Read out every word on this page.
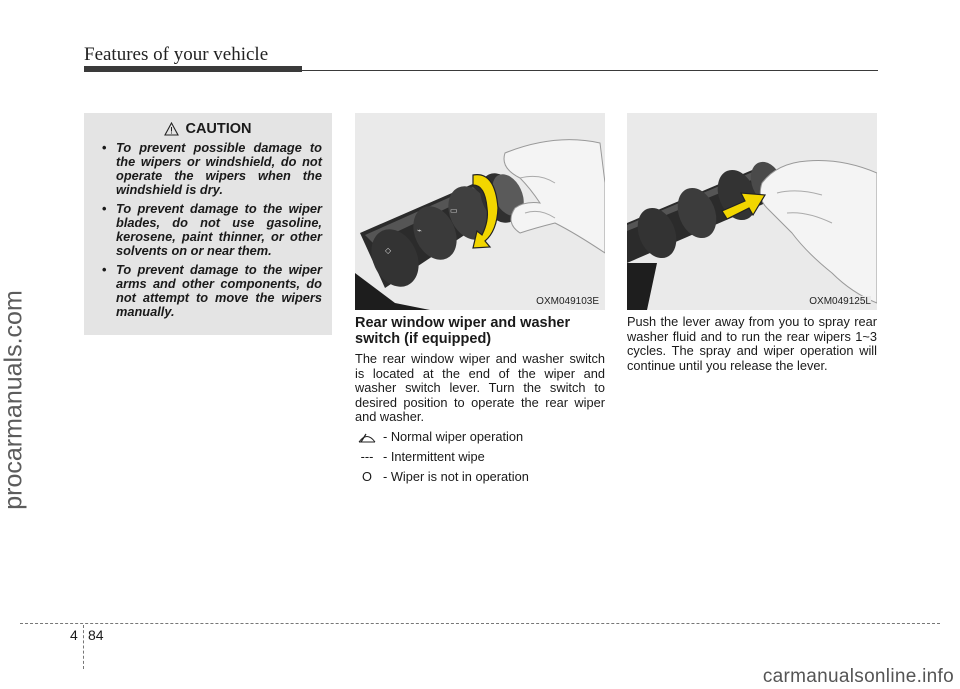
Features of your vehicle
procarmanuals.com
CAUTION
• To prevent possible damage to the wipers or windshield, do not operate the wipers when the windshield is dry.
• To prevent damage to the wiper blades, do not use gasoline, kerosene, paint thinner, or other solvents on or near them.
• To prevent damage to the wiper arms and other components, do not attempt to move the wipers manually.
◇
⌁
▭
OXM049103E	OXM049125L
Rear window wiper and washer switch (if equipped)
The rear window wiper and washer switch is located at the end of the wiper and washer switch lever. Turn the switch to desired position to operate the rear wiper and washer.
- Normal wiper operation
--- - Intermittent wipe
O - Wiper is not in operation
Push the lever away from you to spray rear washer fluid and to run the rear wipers 1~3 cycles. The spray and wiper operation will continue until you release the lever.
4 84
carmanualsonline.info
